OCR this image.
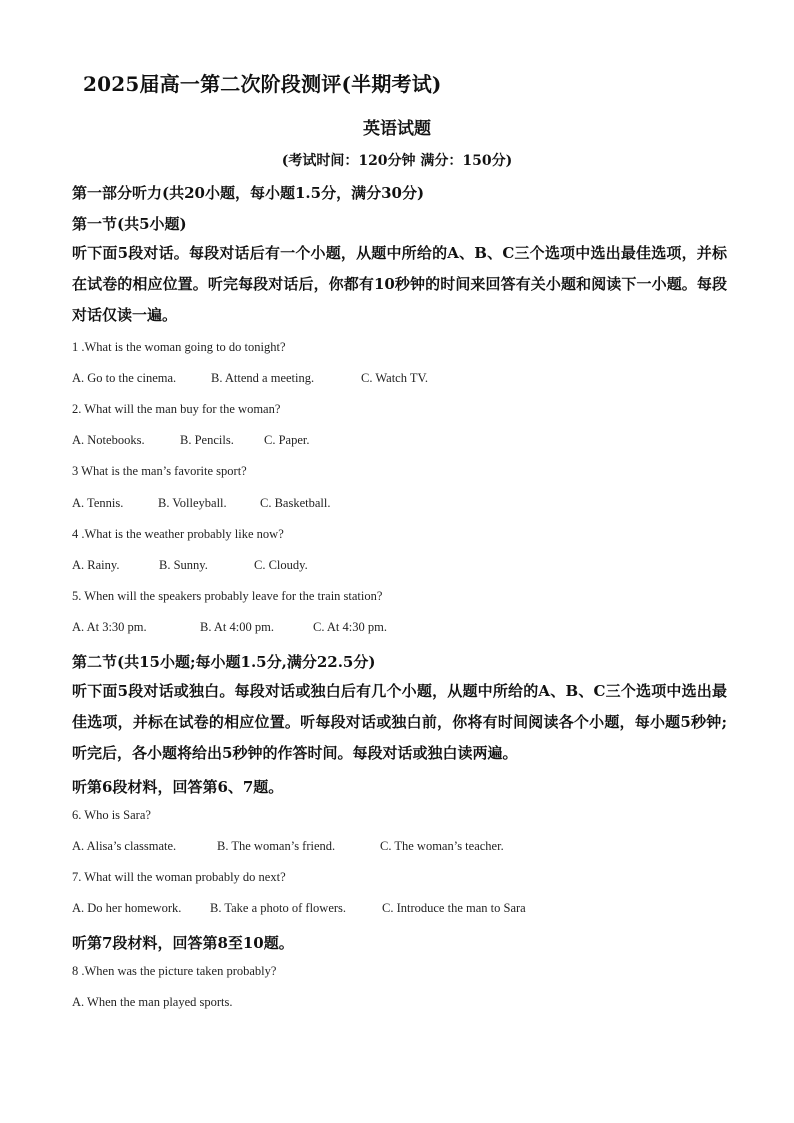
2025届高一第二次阶段测评(半期考试)
英语试题
(考试时间：120分钟 满分：150分)
第一部分听力(共20小题，每小题1.5分，满分30分)
第一节(共5小题)
听下面5段对话。每段对话后有一个小题，从题中所给的A、B、C三个选项中选出最佳选项，并标在试卷的相应位置。听完每段对话后，你都有10秒钟的时间来回答有关小题和阅读下一小题。每段对话仅读一遍。
1 .What is the woman going to do tonight?
A. Go to the cinema.	B. Attend a meeting.	C. Watch TV.
2. What will the man buy for the woman?
A. Notebooks.	B. Pencils. C. Paper.
3 What is the man’s favorite sport?
A. Tennis.	B. Volleyball.	C. Basketball.
4 .What is the weather probably like now?
A. Rainy.	B. Sunny.	C. Cloudy.
5. When will the speakers probably leave for the train station?
A. At 3:30 pm.	B. At 4:00 pm.	C. At 4:30 pm.
第二节(共15小题;每小题1.5分,满分22.5分)
听下面5段对话或独白。每段对话或独白后有几个小题，从题中所给的A、B、C三个选项中选出最佳选项，并标在试卷的相应位置。听每段对话或独白前，你将有时间阅读各个小题，每小题5秒钟;听完后，各小题将给出5秒钟的作答时间。每段对话或独白读两遍。
听第6段材料，回答第6、7题。
6. Who is Sara?
A. Alisa’s classmate.	B. The woman’s friend.	C. The woman’s teacher.
7. What will the woman probably do next?
A. Do her homework. B. Take a photo of flowers.	C. Introduce the man to Sara
听第7段材料，回答第8至10题。
8 .When was the picture taken probably?
A. When the man played sports.
